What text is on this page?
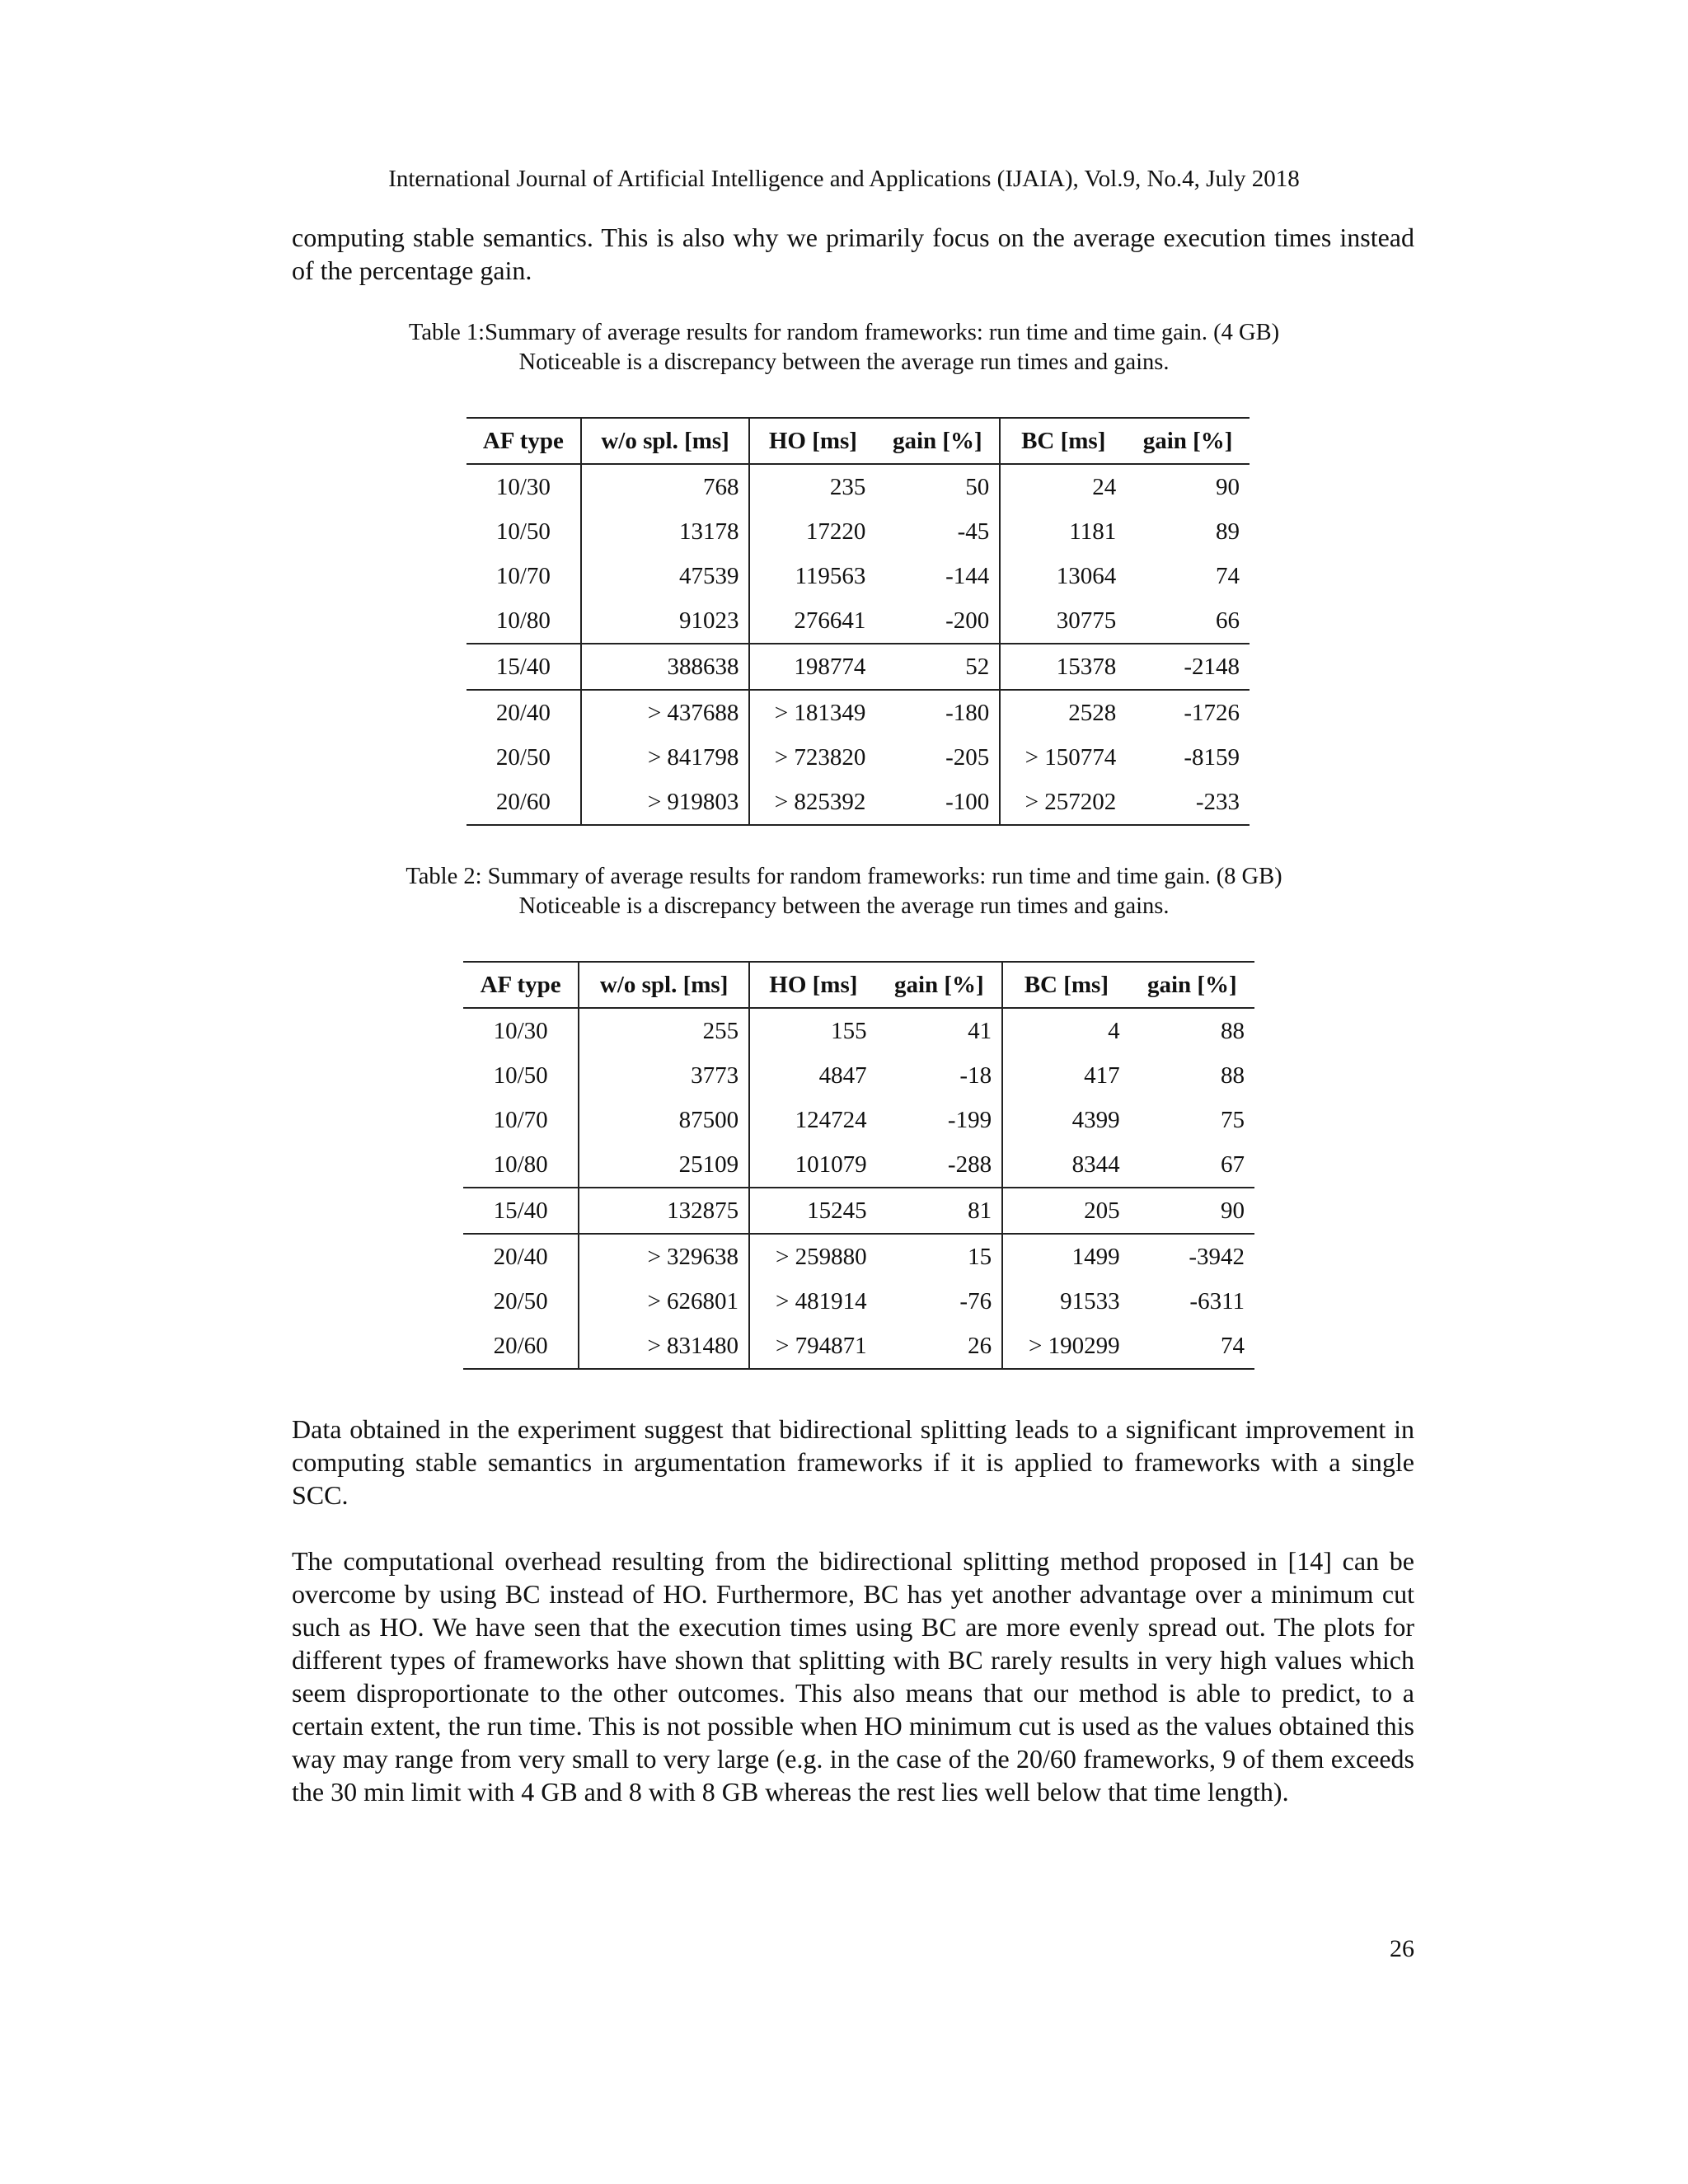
International Journal of Artificial Intelligence and Applications (IJAIA), Vol.9, No.4, July 2018

computing stable semantics. This is also why we primarily focus on the average execution times instead of the percentage gain.

Table 1:Summary of average results for random frameworks: run time and time gain. (4 GB)
Noticeable is a discrepancy between the average run times and gains.
AF type	w/o spl. [ms]	HO [ms]	gain [%]	BC [ms]	gain [%]
10/30	768	235	50	24	90
10/50	13178	17220	-45	1181	89
10/70	47539	119563	-144	13064	74
10/80	91023	276641	-200	30775	66
15/40	388638	198774	52	15378	-2148
20/40	> 437688	> 181349	-180	2528	-1726
20/50	> 841798	> 723820	-205	> 150774	-8159
20/60	> 919803	> 825392	-100	> 257202	-233
Table 2: Summary of average results for random frameworks: run time and time gain. (8 GB)
Noticeable is a discrepancy between the average run times and gains.
AF type	w/o spl. [ms]	HO [ms]	gain [%]	BC [ms]	gain [%]
10/30	255	155	41	4	88
10/50	3773	4847	-18	417	88
10/70	87500	124724	-199	4399	75
10/80	25109	101079	-288	8344	67
15/40	132875	15245	81	205	90
20/40	> 329638	> 259880	15	1499	-3942
20/50	> 626801	> 481914	-76	91533	-6311
20/60	> 831480	> 794871	26	> 190299	74

Data obtained in the experiment suggest that bidirectional splitting leads to a significant improvement in computing stable semantics in argumentation frameworks if it is applied to frameworks with a single SCC.

The computational overhead resulting from the bidirectional splitting method proposed in [14] can be overcome by using BC instead of HO. Furthermore, BC has yet another advantage over a minimum cut such as HO. We have seen that the execution times using BC are more evenly spread out. The plots for different types of frameworks have shown that splitting with BC rarely results in very high values which seem disproportionate to the other outcomes. This also means that our method is able to predict, to a certain extent, the run time. This is not possible when HO minimum cut is used as the values obtained this way may range from very small to very large (e.g. in the case of the 20/60 frameworks, 9 of them exceeds the 30 min limit with 4 GB and 8 with 8 GB whereas the rest lies well below that time length).

26
